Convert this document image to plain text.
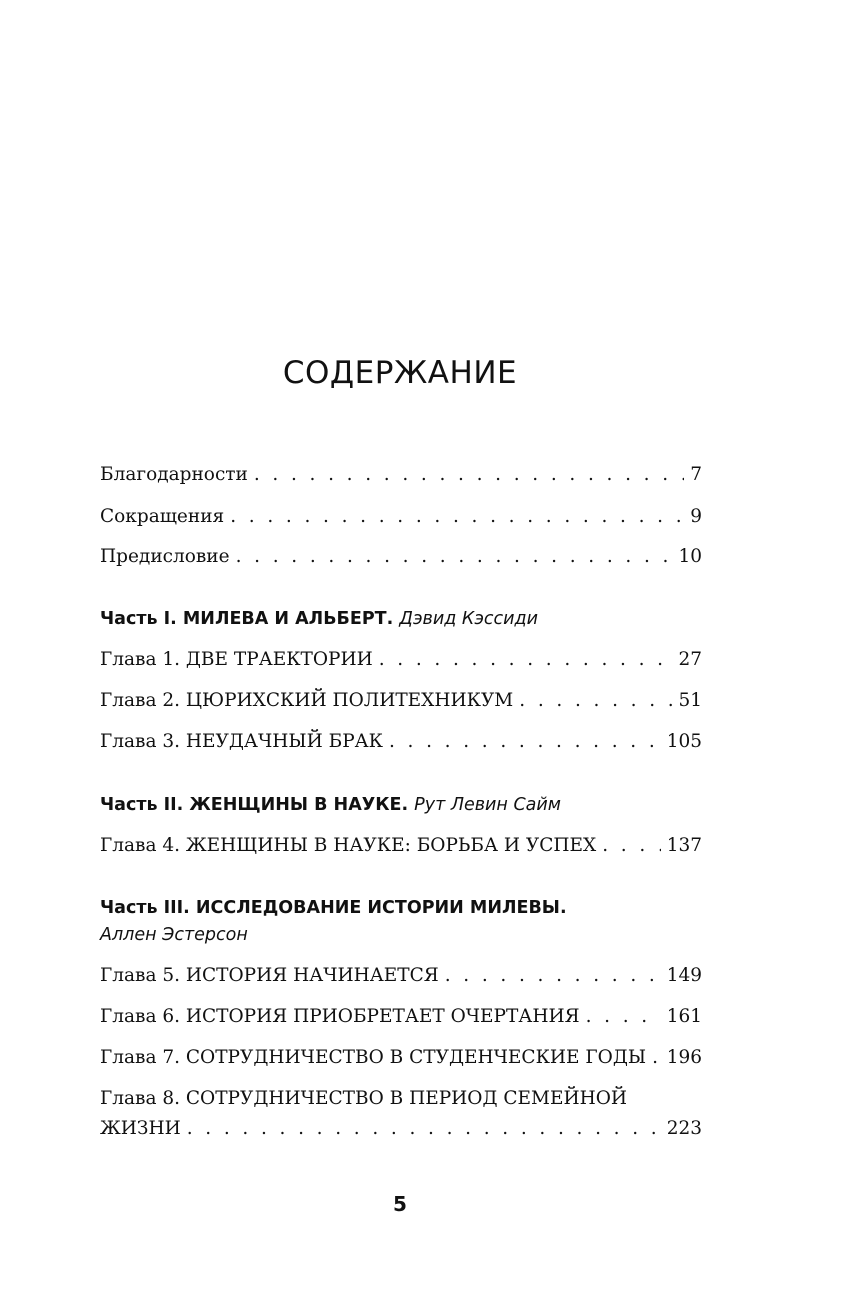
СОДЕРЖАНИЕ
Благодарности . . .	7
Сокращения . . .	9
Предисловие . . .	10
Часть I. МИЛЕВА И АЛЬБЕРТ. Дэвид Кэссиди
Глава 1. ДВЕ ТРАЕКТОРИИ . . .	27
Глава 2. ЦЮРИХСКИЙ ПОЛИТЕХНИКУМ . . .	51
Глава 3. НЕУДАЧНЫЙ БРАК . . .	105
Часть II. ЖЕНЩИНЫ В НАУКЕ. Рут Левин Сайм
Глава 4. ЖЕНЩИНЫ В НАУКЕ: БОРЬБА И УСПЕХ . . .	137
Часть III. ИССЛЕДОВАНИЕ ИСТОРИИ МИЛЕВЫ.
Аллен Эстерсон
Глава 5. ИСТОРИЯ НАЧИНАЕТСЯ . . .	149
Глава 6. ИСТОРИЯ ПРИОБРЕТАЕТ ОЧЕРТАНИЯ . . .	161
Глава 7. СОТРУДНИЧЕСТВО В СТУДЕНЧЕСКИЕ ГОДЫ . . . 196
Глава 8. СОТРУДНИЧЕСТВО В ПЕРИОД СЕМЕЙНОЙ
ЖИЗНИ . . .	223
5
